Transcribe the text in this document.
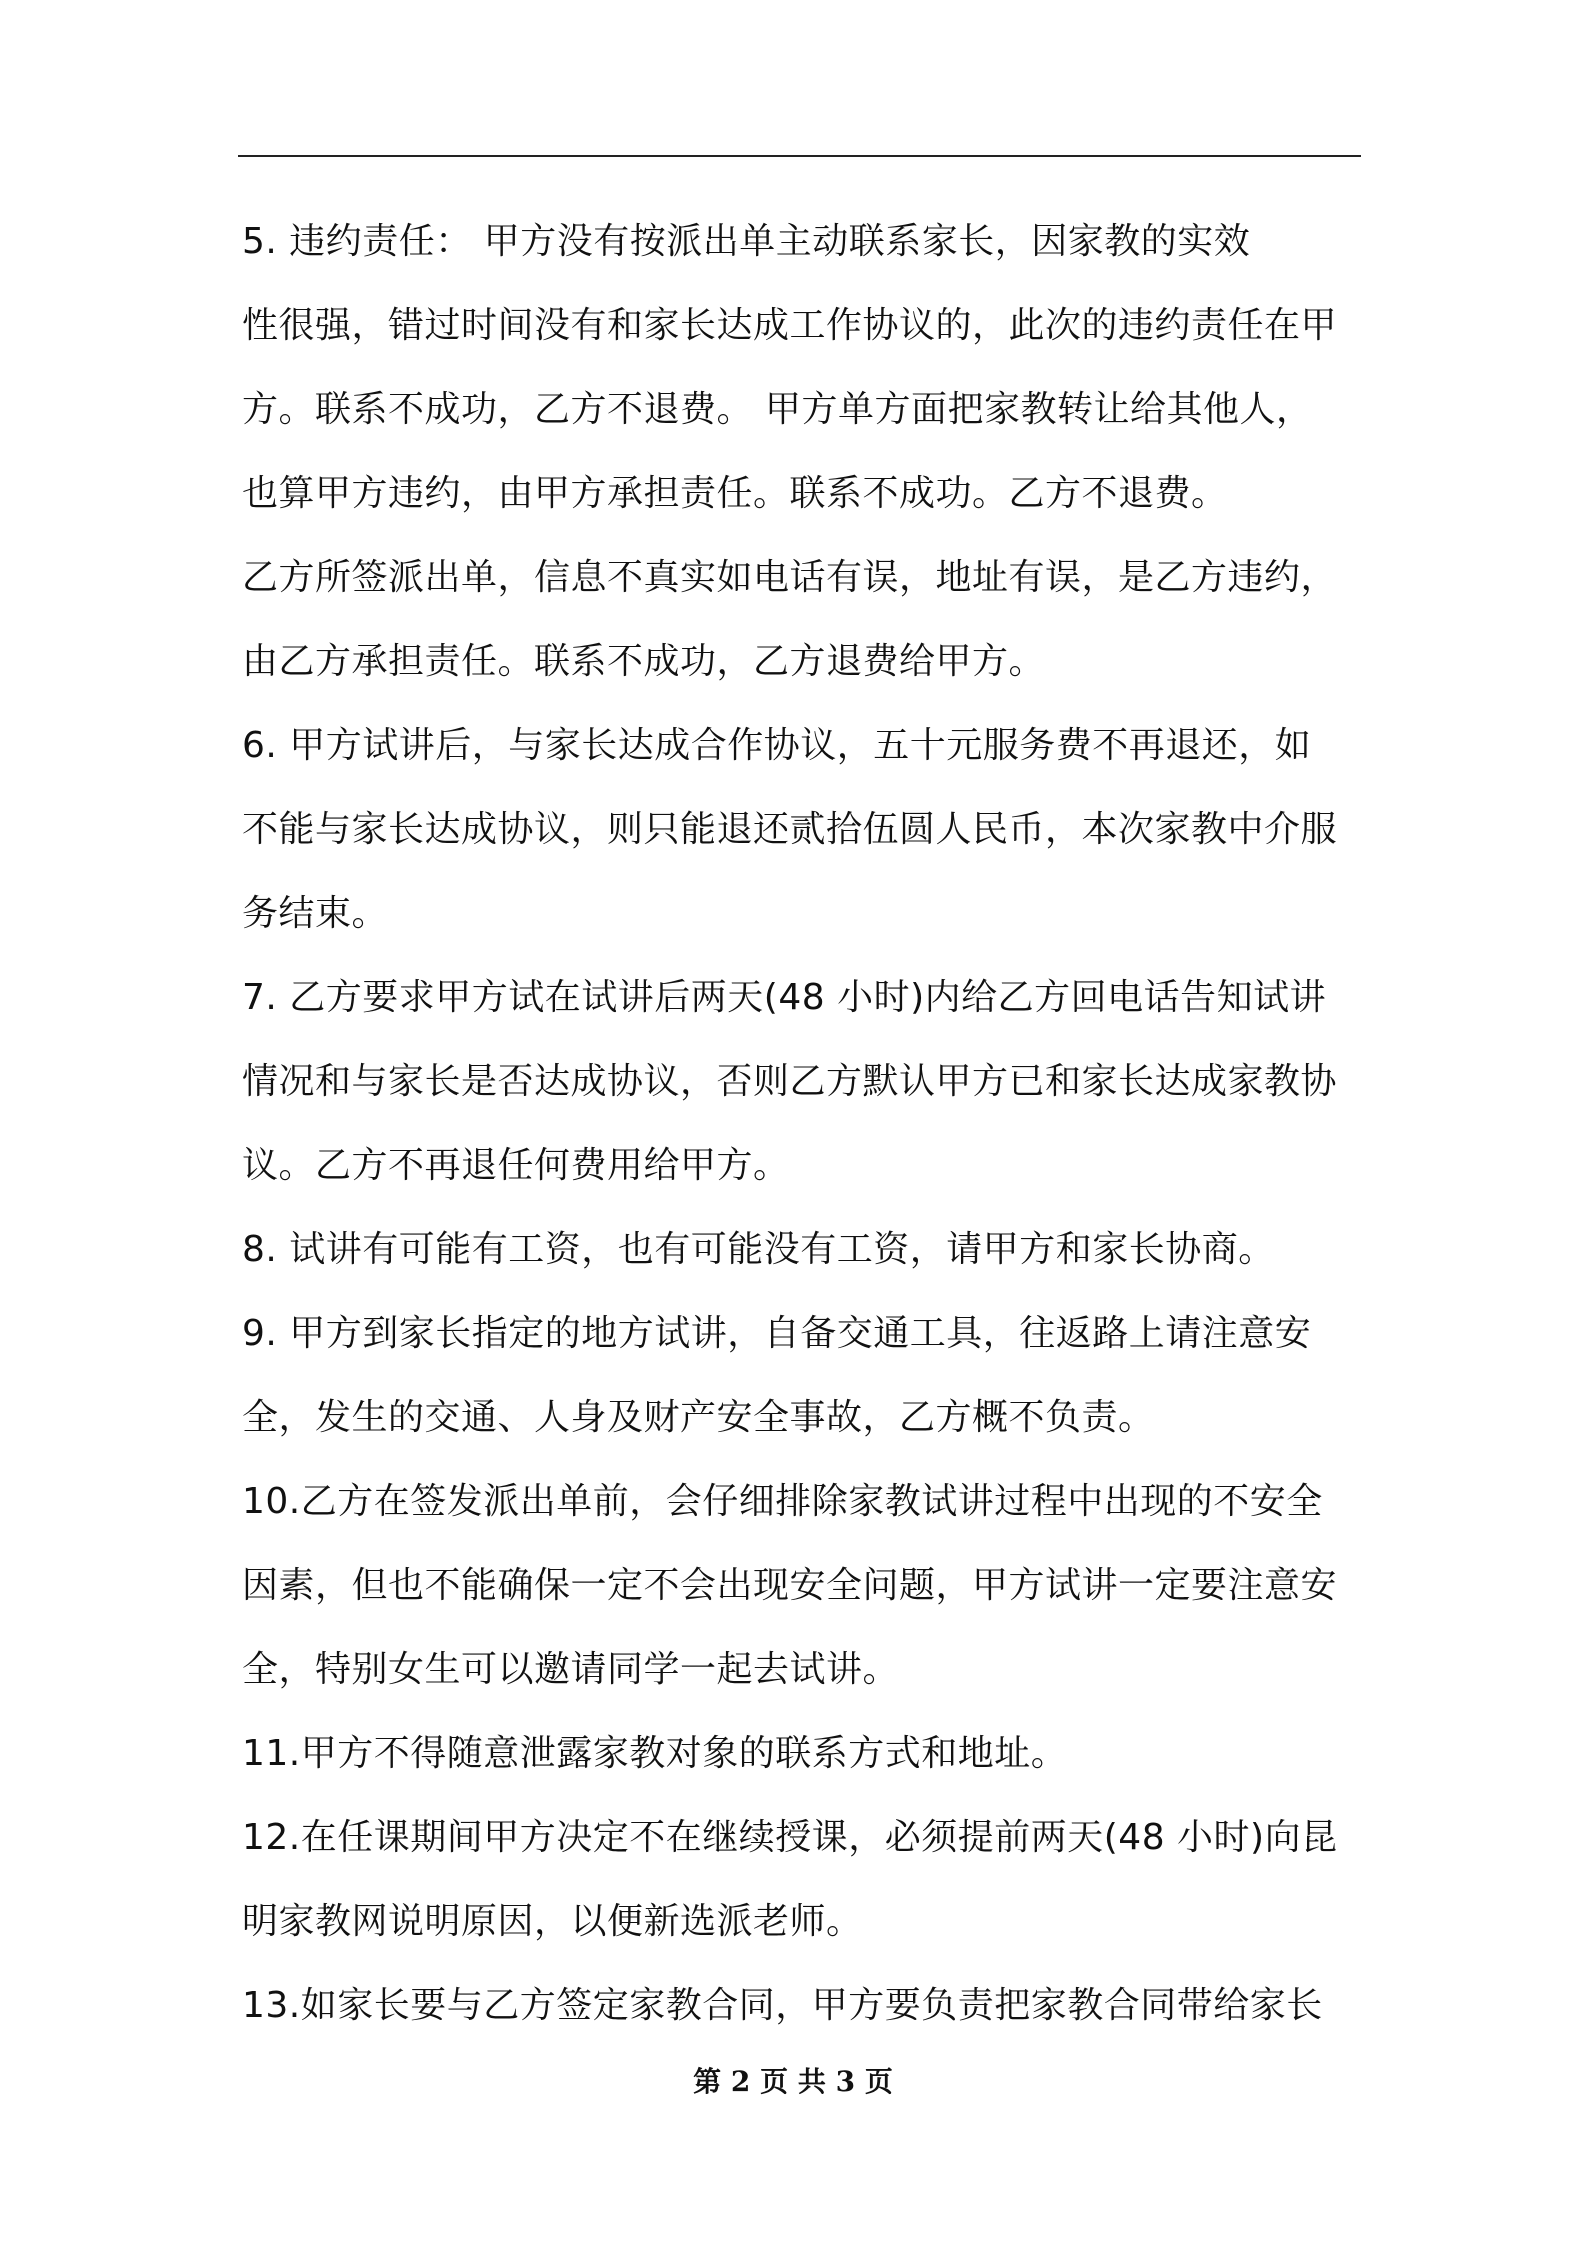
5. 违约责任： 甲方没有按派出单主动联系家长，因家教的实效
性很强，错过时间没有和家长达成工作协议的，此次的违约责任在甲
方。联系不成功，乙方不退费。 甲方单方面把家教转让给其他人，
也算甲方违约，由甲方承担责任。联系不成功。乙方不退费。
乙方所签派出单，信息不真实如电话有误，地址有误，是乙方违约，
由乙方承担责任。联系不成功，乙方退费给甲方。
6. 甲方试讲后，与家长达成合作协议，五十元服务费不再退还，如
不能与家长达成协议，则只能退还贰拾伍圆人民币，本次家教中介服
务结束。
7. 乙方要求甲方试在试讲后两天(48 小时)内给乙方回电话告知试讲
情况和与家长是否达成协议，否则乙方默认甲方已和家长达成家教协
议。乙方不再退任何费用给甲方。
8. 试讲有可能有工资，也有可能没有工资，请甲方和家长协商。
9. 甲方到家长指定的地方试讲，自备交通工具，往返路上请注意安
全，发生的交通、人身及财产安全事故，乙方概不负责。
10.乙方在签发派出单前，会仔细排除家教试讲过程中出现的不安全
因素，但也不能确保一定不会出现安全问题，甲方试讲一定要注意安
全，特别女生可以邀请同学一起去试讲。
11.甲方不得随意泄露家教对象的联系方式和地址。
12.在任课期间甲方决定不在继续授课，必须提前两天(48 小时)向昆
明家教网说明原因，以便新选派老师。
13.如家长要与乙方签定家教合同，甲方要负责把家教合同带给家长
第 2 页 共 3 页
